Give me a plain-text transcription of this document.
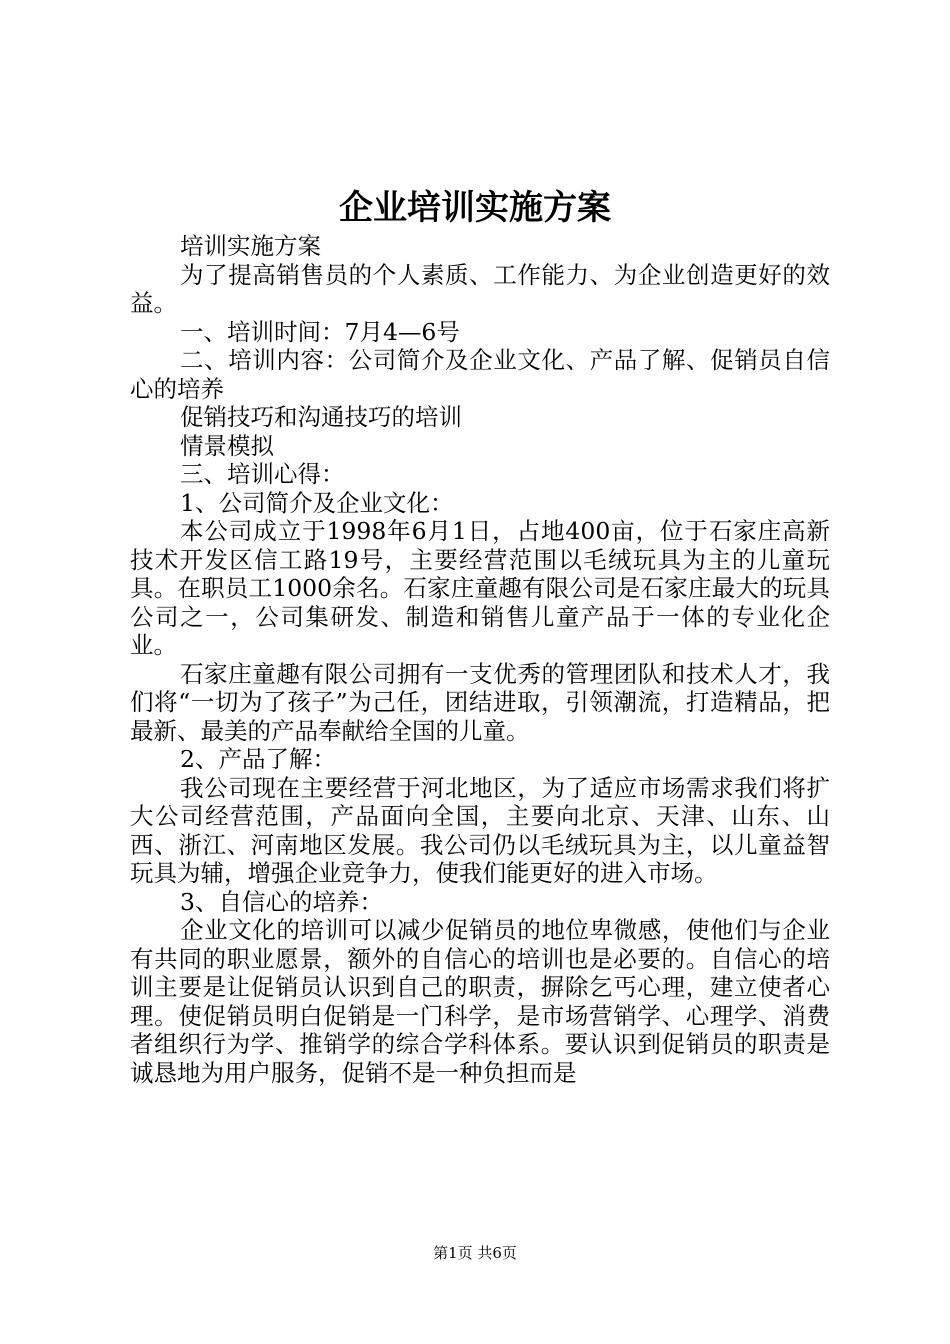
企业培训实施方案

培训实施方案

为了提高销售员的个人素质、工作能力、为企业创造更好的效益。

一、培训时间：7月4—6号

二、培训内容：公司简介及企业文化、产品了解、促销员自信心的培养

促销技巧和沟通技巧的培训

情景模拟

三、培训心得：

1、公司简介及企业文化：

本公司成立于1998年6月1日，占地400亩，位于石家庄高新技术开发区信工路19号，主要经营范围以毛绒玩具为主的儿童玩具。在职员工1000余名。石家庄童趣有限公司是石家庄最大的玩具公司之一，公司集研发、制造和销售儿童产品于一体的专业化企业。

石家庄童趣有限公司拥有一支优秀的管理团队和技术人才，我们将“一切为了孩子”为己任，团结进取，引领潮流，打造精品，把最新、最美的产品奉献给全国的儿童。

2、产品了解：

我公司现在主要经营于河北地区，为了适应市场需求我们将扩大公司经营范围，产品面向全国，主要向北京、天津、山东、山西、浙江、河南地区发展。我公司仍以毛绒玩具为主，以儿童益智玩具为辅，增强企业竞争力，使我们能更好的进入市场。

3、自信心的培养：

企业文化的培训可以减少促销员的地位卑微感，使他们与企业有共同的职业愿景，额外的自信心的培训也是必要的。自信心的培训主要是让促销员认识到自己的职责，摒除乞丐心理，建立使者心理。使促销员明白促销是一门科学，是市场营销学、心理学、消费者组织行为学、推销学的综合学科体系。要认识到促销员的职责是诚恳地为用户服务，促销不是一种负担而是

第1页 共6页
